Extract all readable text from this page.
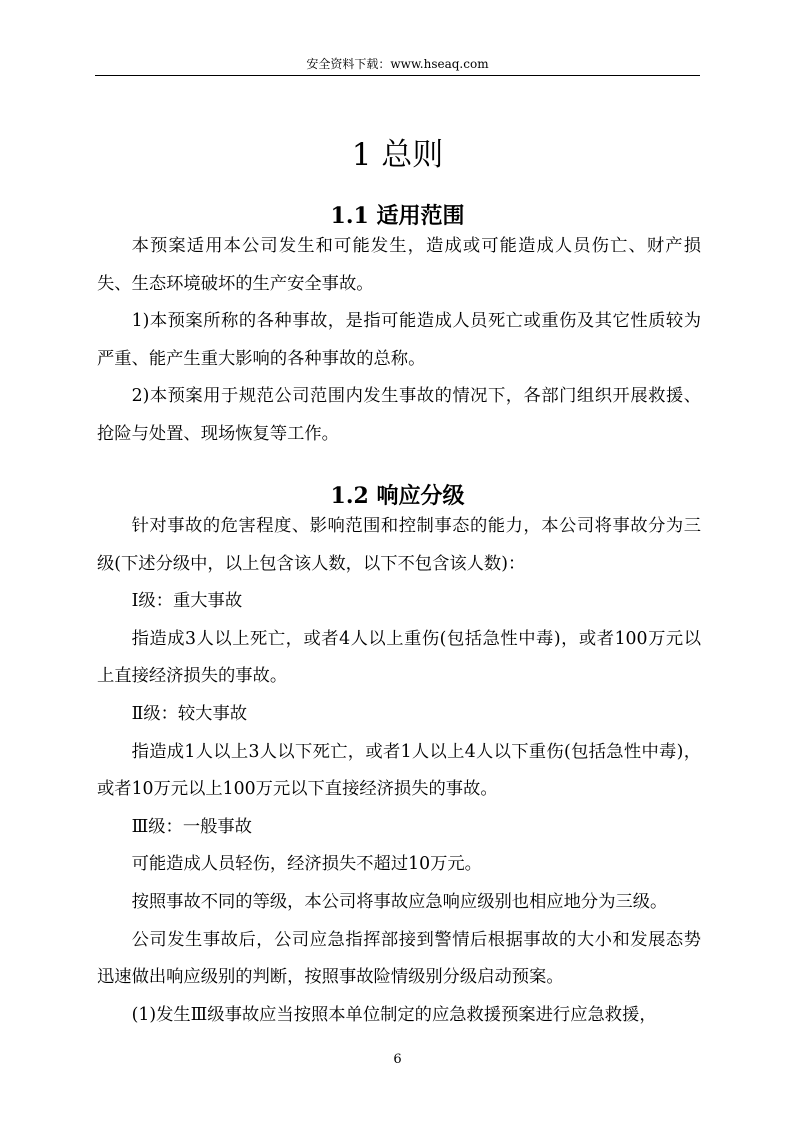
安全资料下载：www.hseaq.com
1 总则
1.1 适用范围

本预案适用本公司发生和可能发生，造成或可能造成人员伤亡、财产损失、生态环境破坏的生产安全事故。

1)本预案所称的各种事故，是指可能造成人员死亡或重伤及其它性质较为严重、能产生重大影响的各种事故的总称。

2)本预案用于规范公司范围内发生事故的情况下，各部门组织开展救援、抢险与处置、现场恢复等工作。

1.2 响应分级

针对事故的危害程度、影响范围和控制事态的能力，本公司将事故分为三级(下述分级中，以上包含该人数，以下不包含该人数)：

Ⅰ级：重大事故

指造成3人以上死亡，或者4人以上重伤(包括急性中毒)，或者100万元以上直接经济损失的事故。

Ⅱ级：较大事故

指造成1人以上3人以下死亡，或者1人以上4人以下重伤(包括急性中毒)，或者10万元以上100万元以下直接经济损失的事故。

Ⅲ级：一般事故

可能造成人员轻伤，经济损失不超过10万元。

按照事故不同的等级，本公司将事故应急响应级别也相应地分为三级。

公司发生事故后，公司应急指挥部接到警情后根据事故的大小和发展态势迅速做出响应级别的判断，按照事故险情级别分级启动预案。

(1)发生Ⅲ级事故应当按照本单位制定的应急救援预案进行应急救援，

6
